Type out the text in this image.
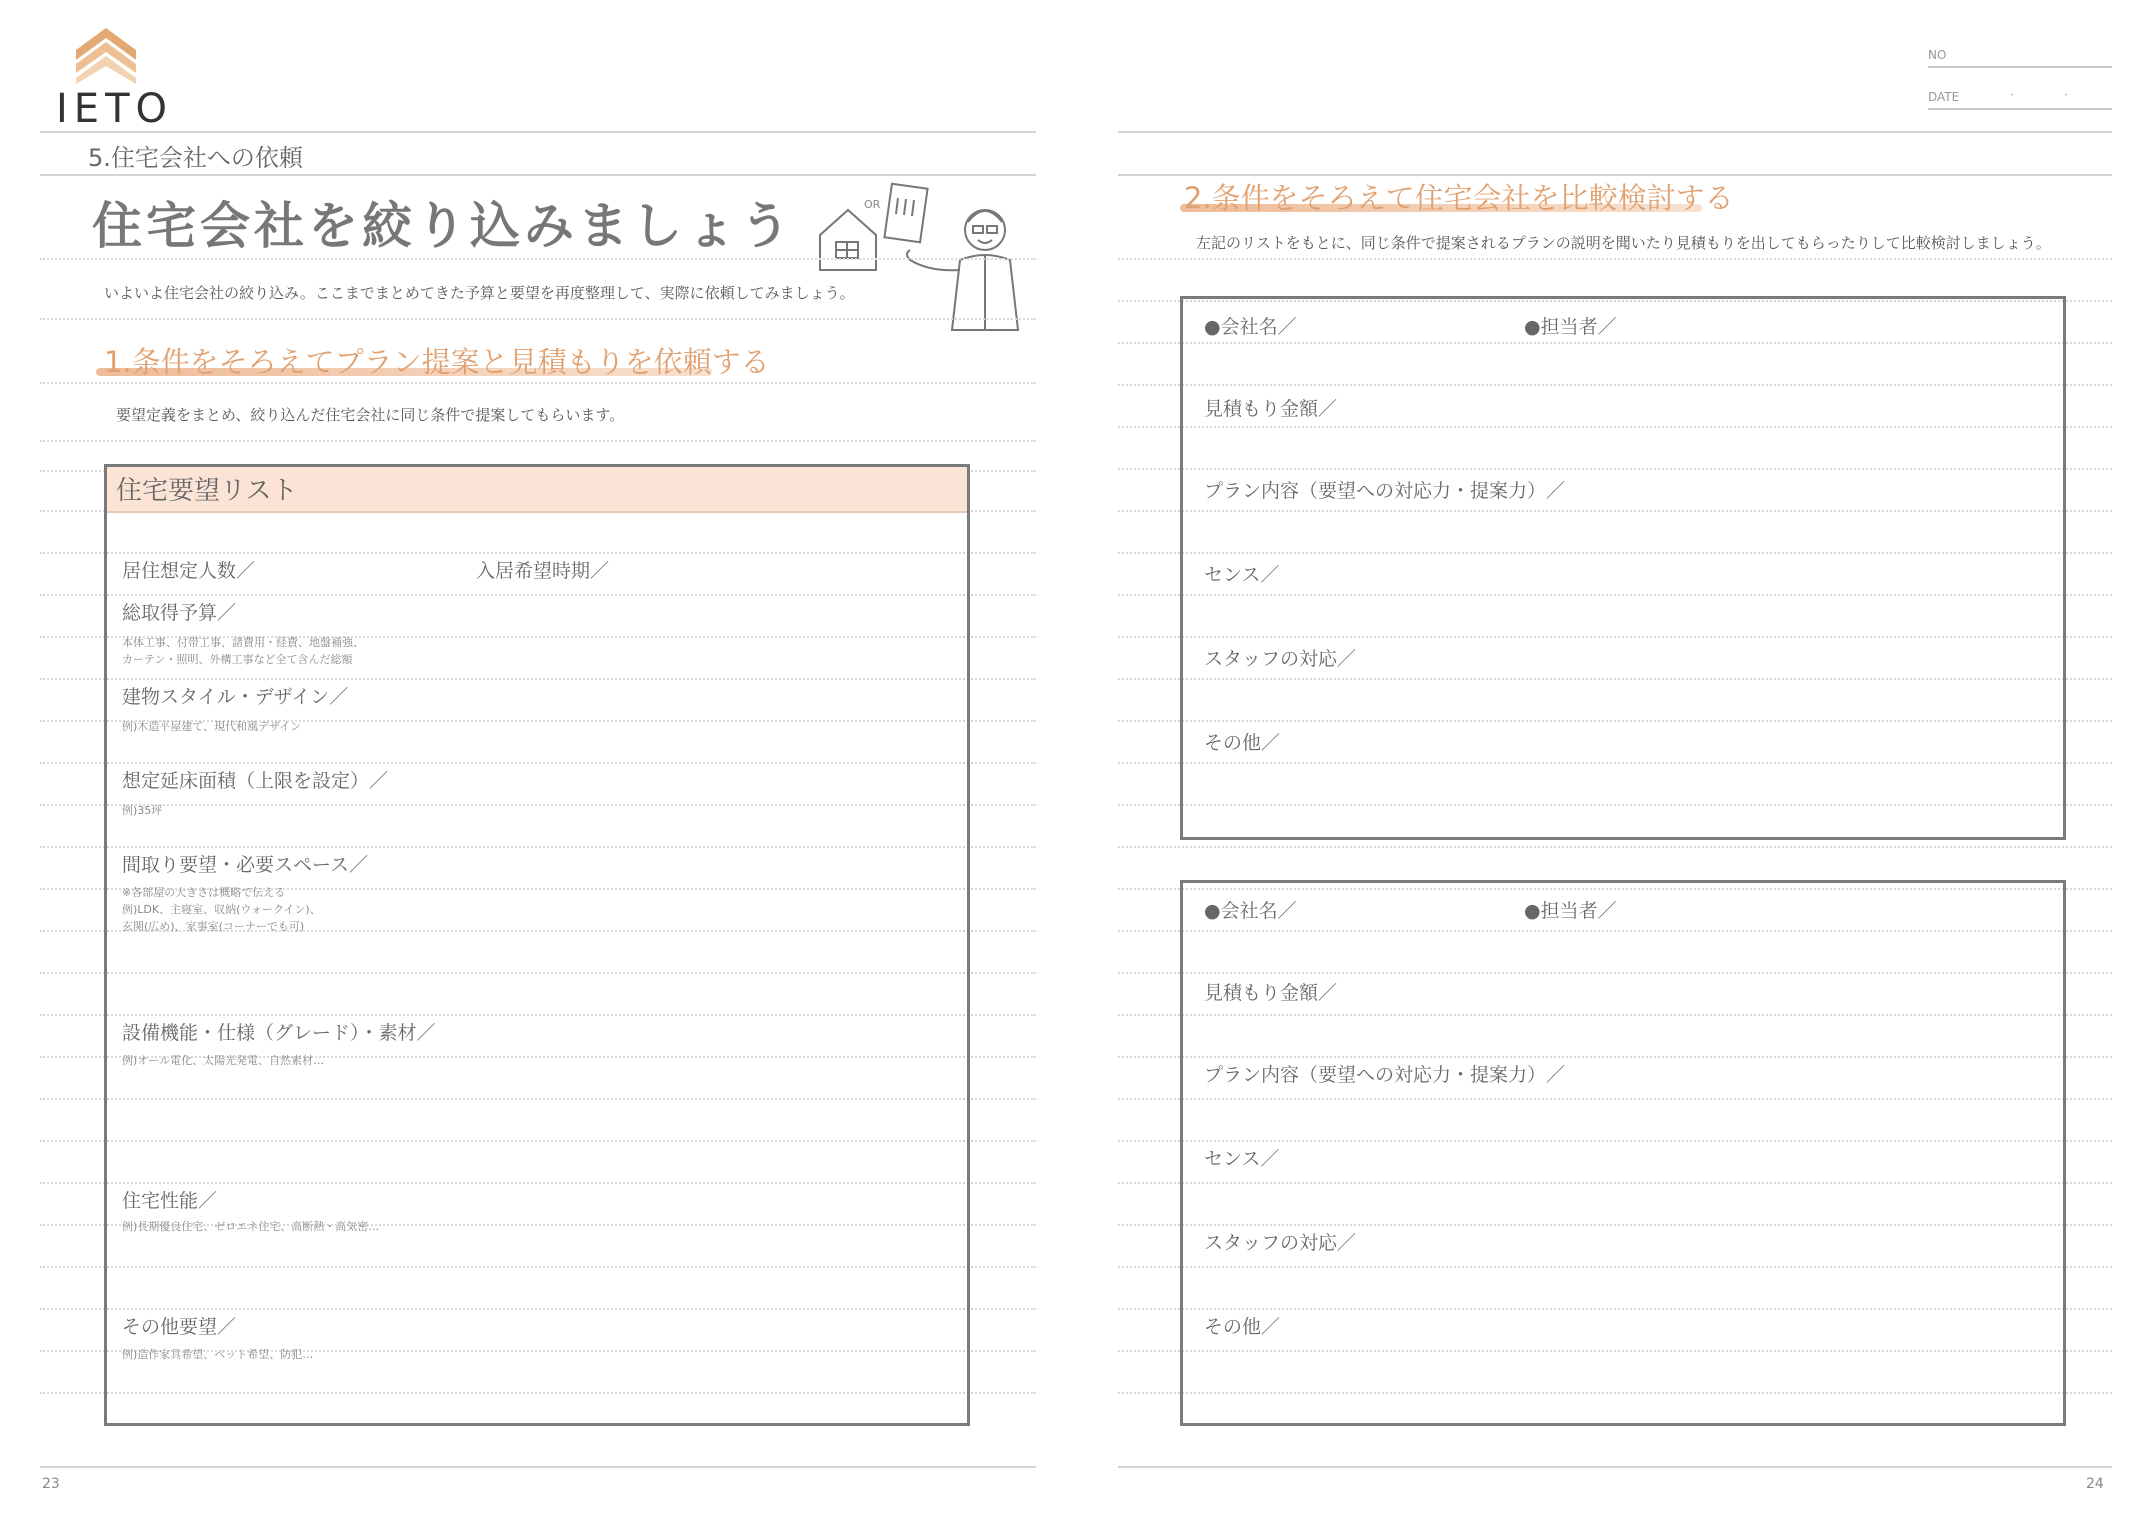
IETO
5.住宅会社への依頼
住宅会社を絞り込みましょう	OR
いよいよ住宅会社の絞り込み。ここまでまとめてきた予算と要望を再度整理して、実際に依頼してみましょう。
1.条件をそろえてプラン提案と見積もりを依頼する
要望定義をまとめ、絞り込んだ住宅会社に同じ条件で提案してもらいます。
住宅要望リスト
居住想定人数／	入居希望時期／
総取得予算／
本体工事、付帯工事、諸費用・経費、地盤補強、
カーテン・照明、外構工事など全て含んだ総額
建物スタイル・デザイン／
例)木造平屋建て、現代和風デザイン
想定延床面積（上限を設定）／
例)35坪
間取り要望・必要スペース／
※各部屋の大きさは概略で伝える
例)LDK、主寝室、収納(ウォークイン)、
玄関(広め)、家事室(コーナーでも可)
設備機能・仕様（グレード）・素材／
例)オール電化、太陽光発電、自然素材…
住宅性能／
例)長期優良住宅、ゼロエネ住宅、高断熱・高気密…
その他要望／
例)造作家具希望、ペット希望、防犯…
23
NO
DATE	．	．
2.条件をそろえて住宅会社を比較検討する
左記のリストをもとに、同じ条件で提案されるプランの説明を聞いたり見積もりを出してもらったりして比較検討しましょう。
●会社名／	●担当者／
見積もり金額／
プラン内容（要望への対応力・提案力）／
センス／
スタッフの対応／
その他／
●会社名／	●担当者／
見積もり金額／
プラン内容（要望への対応力・提案力）／
センス／
スタッフの対応／
その他／
24
